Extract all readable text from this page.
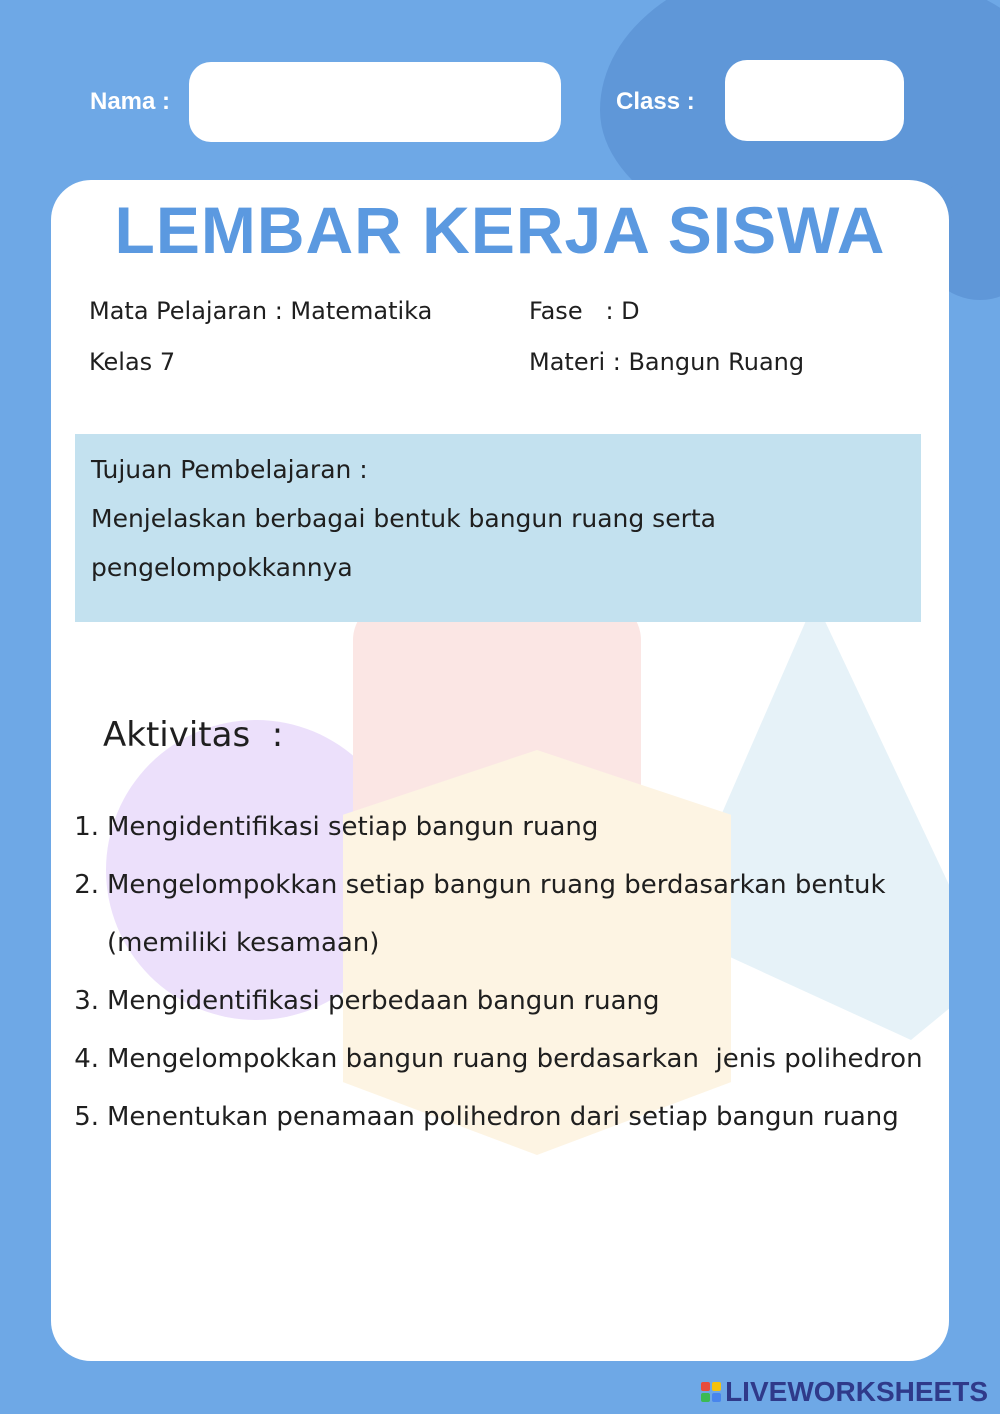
Nama :	Class :
LEMBAR KERJA SISWA
Mata Pelajaran : Matematika
Kelas 7
Fase   : D
Materi : Bangun Ruang
Tujuan Pembelajaran :
Menjelaskan berbagai bentuk bangun ruang serta
pengelompokkannya
Aktivitas  :
1. Mengidentifikasi setiap bangun ruang
2. Mengelompokkan setiap bangun ruang berdasarkan bentuk (memiliki kesamaan)
3. Mengidentifikasi perbedaan bangun ruang
4. Mengelompokkan bangun ruang berdasarkan  jenis polihedron
5. Menentukan penamaan polihedron dari setiap bangun ruang
LIVEWORKSHEETS
